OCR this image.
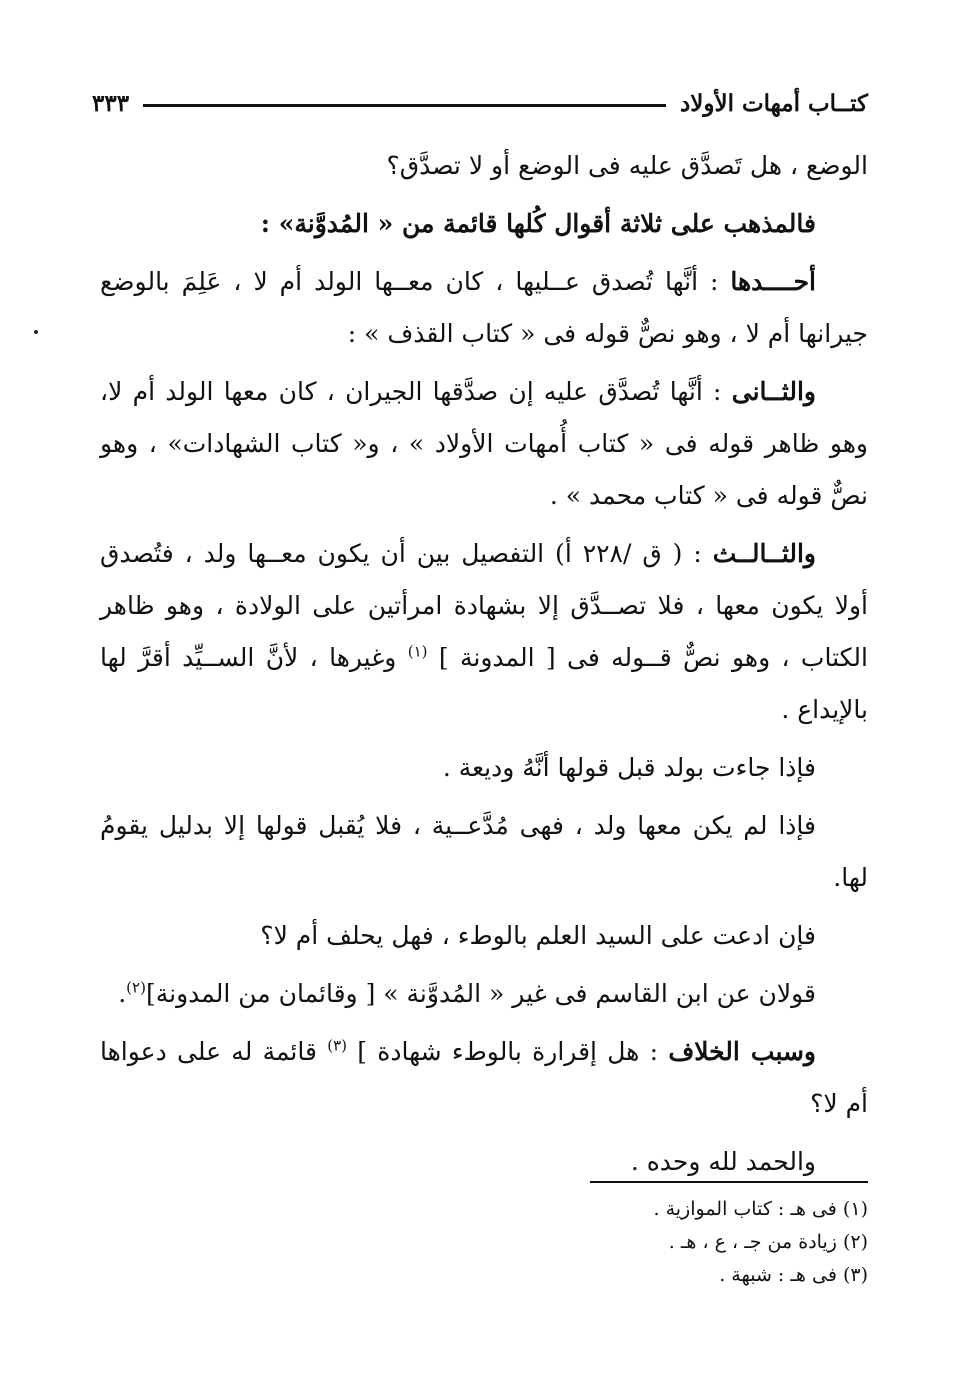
كتــاب أمهات الأولاد
٣٣٣

الوضع ، هل تَصدَّق عليه فى الوضع أو لا تصدَّق؟

فالمذهب على ثلاثة أقوال كُلها قائمة من « المُدوَّنة» :

أحــــدها : أنَّها تُصدق عــليها ، كان معــها الولد أم لا ، عَلِمَ بالوضع جيرانها أم لا ، وهو نصٌّ قوله فى « كتاب القذف » :

والثــانى : أنَّها تُصدَّق عليه إن صدَّقها الجيران ، كان معها الولد أم لا، وهو ظاهر قوله فى « كتاب أُمهات الأولاد » ، و« كتاب الشهادات» ، وهو نصٌّ قوله فى « كتاب محمد » .

والثــالــث : ( ق /٢٢٨ أ) التفصيل بين أن يكون معــها ولد ، فتُصدق أولا يكون معها ، فلا تصــدَّق إلا بشهادة امرأتين على الولادة ، وهو ظاهر الكتاب ، وهو نصٌّ قــوله فى [ المدونة ] $^{(١)}$ وغيرها ، لأنَّ الســيِّد أقرَّ لها بالإيداع .

فإذا جاءت بولد قبل قولها أنَّهُ وديعة .

فإذا لم يكن معها ولد ، فهى مُدَّعــية ، فلا يُقبل قولها إلا بدليل يقومُ لها.

فإن ادعت على السيد العلم بالوطء ، فهل يحلف أم لا؟

قولان عن ابن القاسم فى غير « المُدوَّنة » [ وقائمان من المدونة]$^{(٢)}$.

وسبب الخلاف : هل إقرارة بالوطء شهادة ] $^{(٣)}$ قائمة له على دعواها أم لا؟

والحمد لله وحده .

(١) فى هـ : كتاب الموازية .
(٢) زيادة من جـ ، ع ، هـ .
(٣) فى هـ : شبهة .
